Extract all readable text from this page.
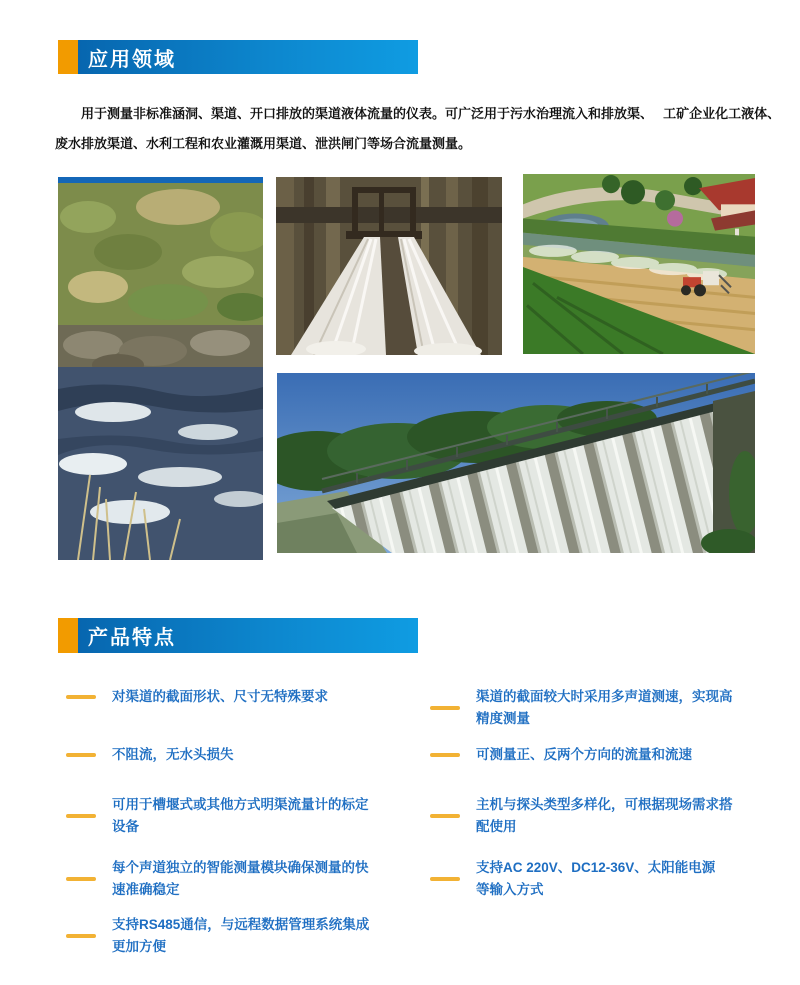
应用领域
用于测量非标准涵洞、渠道、开口排放的渠道液体流量的仪表。可广泛用于污水治理流入和排放渠、　 工矿企业化工液体、
废水排放渠道、水利工程和农业灌溉用渠道、泄洪闸门等场合流量测量。
产品特点
对渠道的截面形状、尺寸无特殊要求
不阻流，无水头损失
可用于槽堰式或其他方式明渠流量计的标定
设备
每个声道独立的智能测量模块确保测量的快
速准确稳定
支持RS485通信，与远程数据管理系统集成
更加方便
渠道的截面较大时采用多声道测速，实现高
精度测量
可测量正、反两个方向的流量和流速
主机与探头类型多样化，可根据现场需求搭
配使用
支持AC 220V、DC12-36V、太阳能电源
等输入方式
